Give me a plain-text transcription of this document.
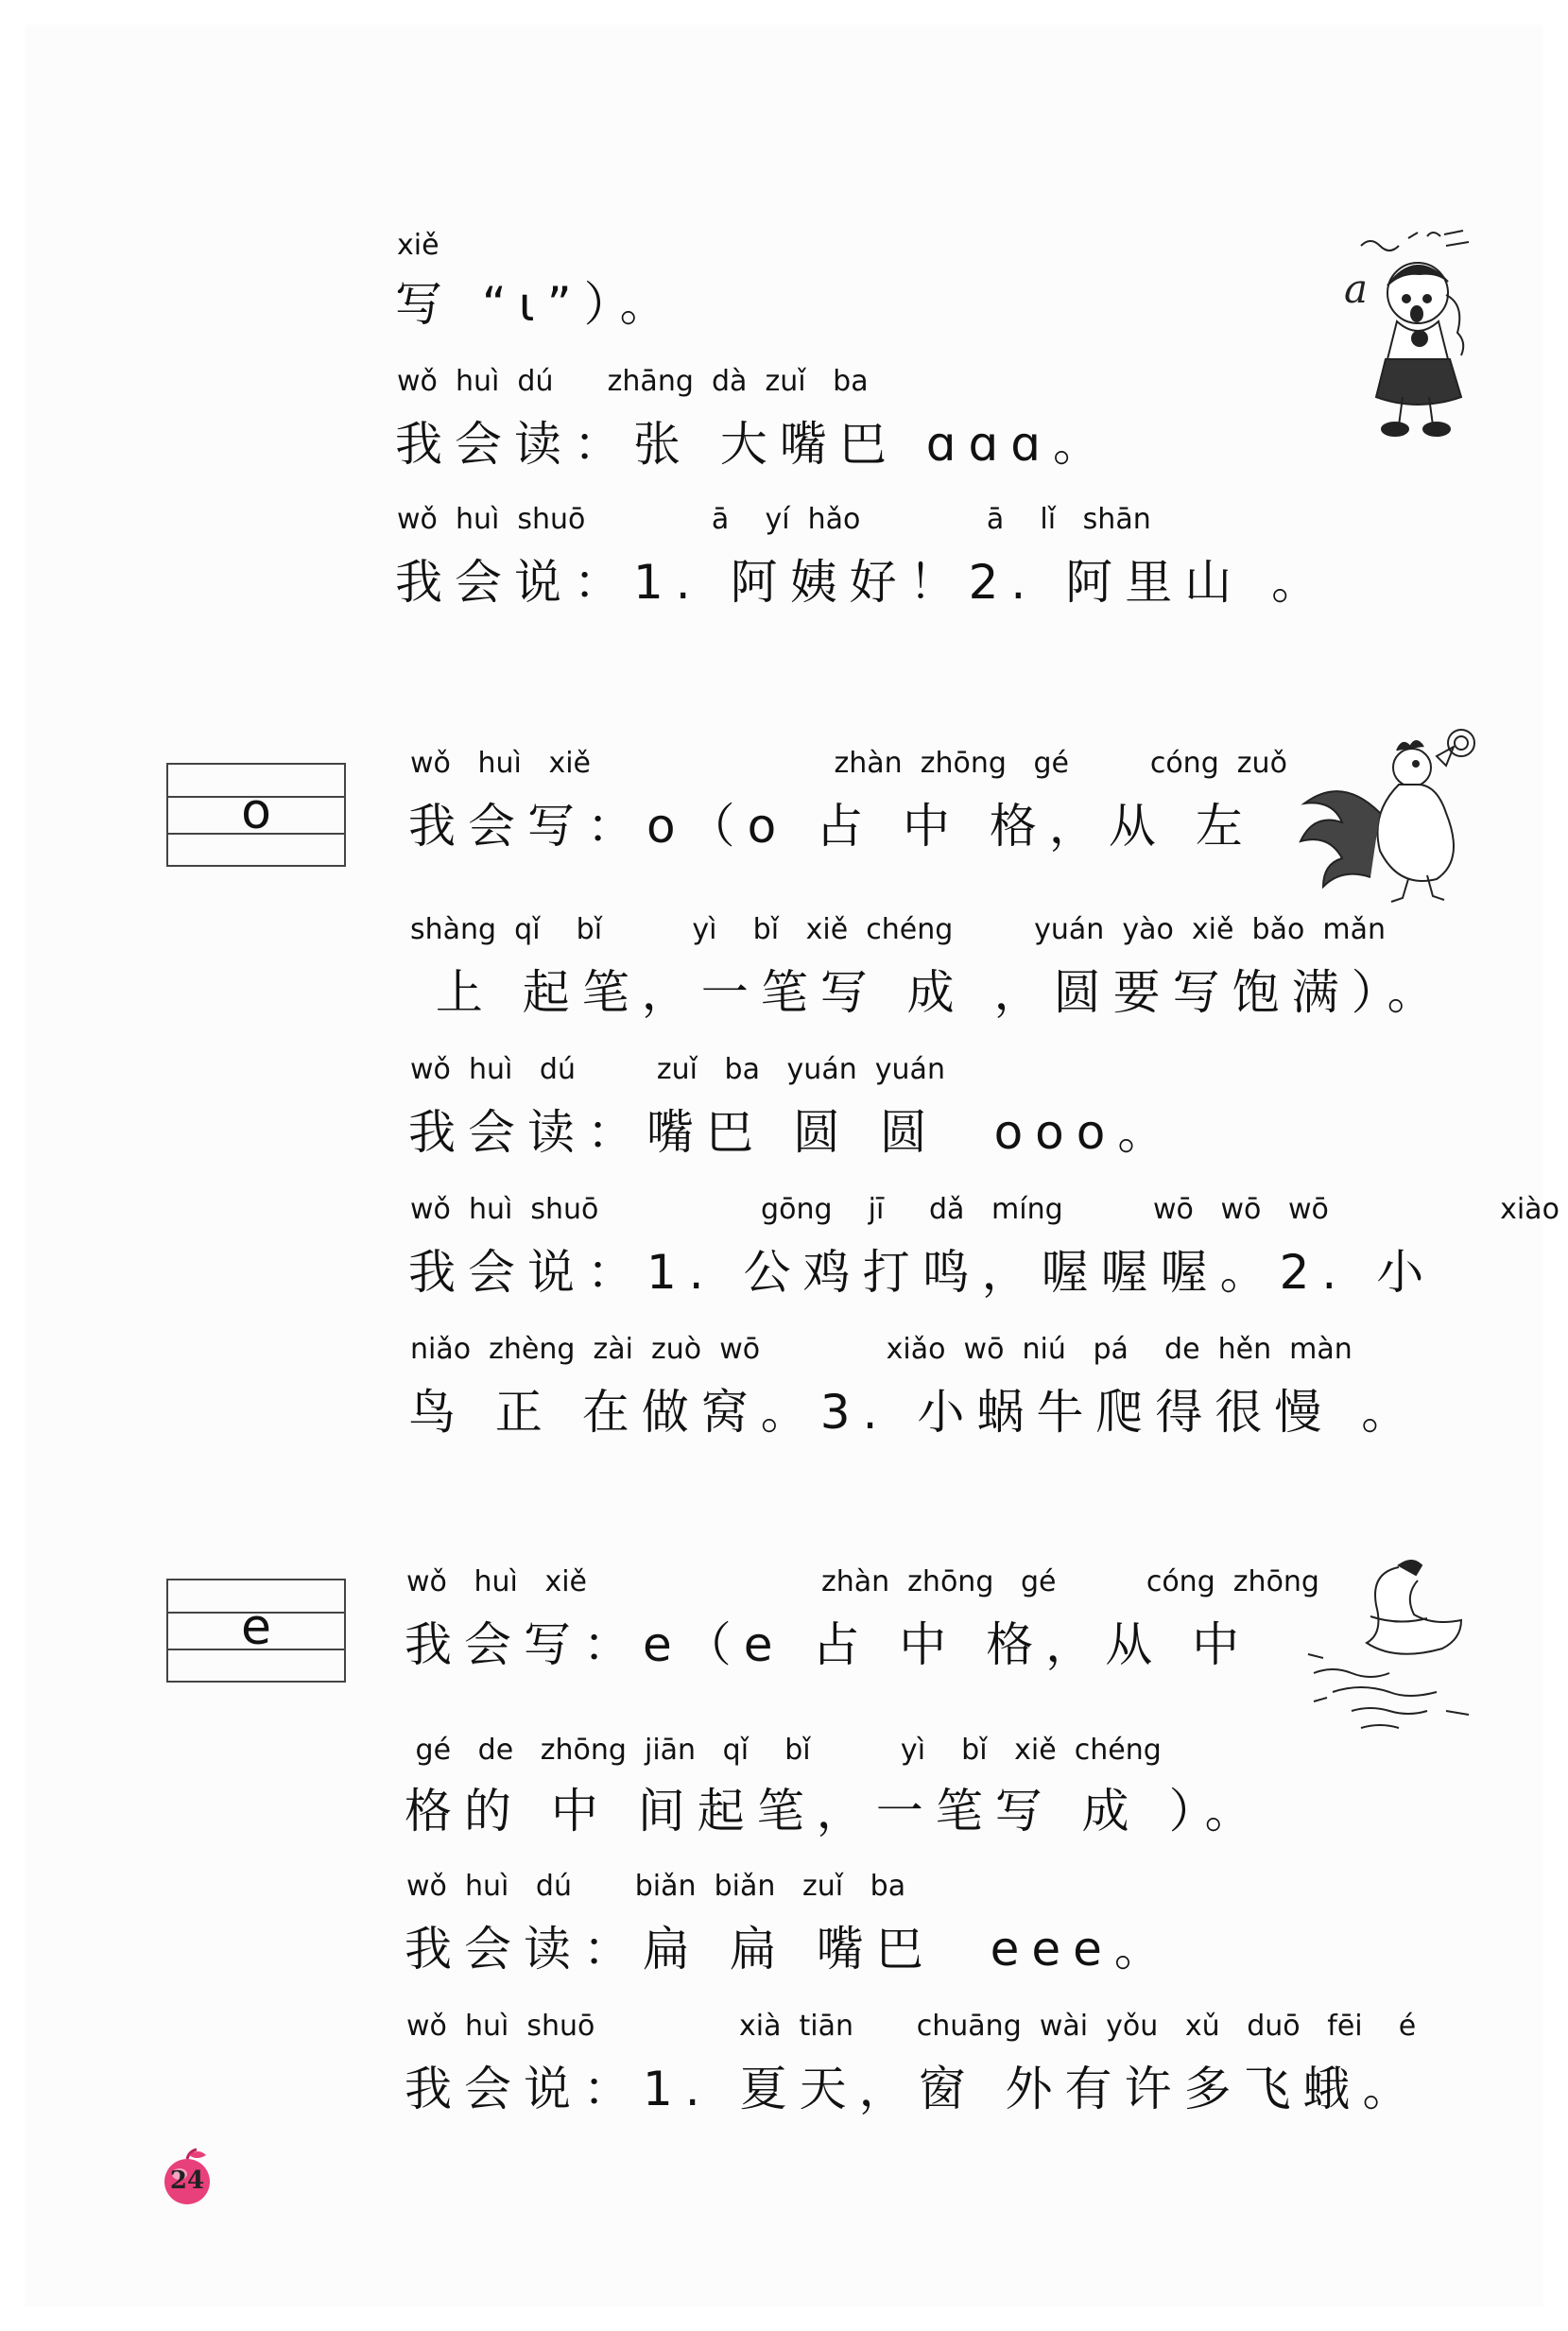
xiě
写 “ɩ”）。
wǒ  huì  dú      zhāng  dà  zuǐ   ba
我会读：张 大嘴巴 ɑɑɑ。
wǒ  huì  shuō              ā    yí  hǎo              ā    lǐ   shān
我会说：1. 阿姨好！2. 阿里山 。
a
o
wǒ   huì   xiě                           zhàn  zhōng   gé         cóng  zuǒ
我会写：o（o 占 中 格，从 左
shàng  qǐ    bǐ          yì    bǐ   xiě  chéng         yuán  yào  xiě  bǎo  mǎn
上 起笔，一笔写 成 ，圆要写饱满）。
wǒ  huì   dú         zuǐ   ba   yuán  yuán
我会读：嘴巴 圆 圆  ooo。
wǒ  huì  shuō                  gōng    jī     dǎ   míng          wō   wō   wō                   xiào
我会说：1. 公鸡打鸣，喔喔喔。2. 小
niǎo  zhèng  zài  zuò  wō              xiǎo  wō  niú   pá    de  hěn  màn
鸟 正 在做窝。3. 小蜗牛爬得很慢 。
e
wǒ   huì   xiě                          zhàn  zhōng   gé          cóng  zhōng
我会写：e（e 占 中 格，从 中
gé   de   zhōng  jiān   qǐ    bǐ          yì    bǐ   xiě  chéng
格的 中 间起笔，一笔写 成 ）。
wǒ  huì   dú       biǎn  biǎn   zuǐ   ba
我会读：扁 扁 嘴巴  eee。
wǒ  huì  shuō                xià  tiān       chuāng  wài  yǒu   xǔ   duō   fēi    é
我会说：1. 夏天，窗 外有许多飞蛾。
24
